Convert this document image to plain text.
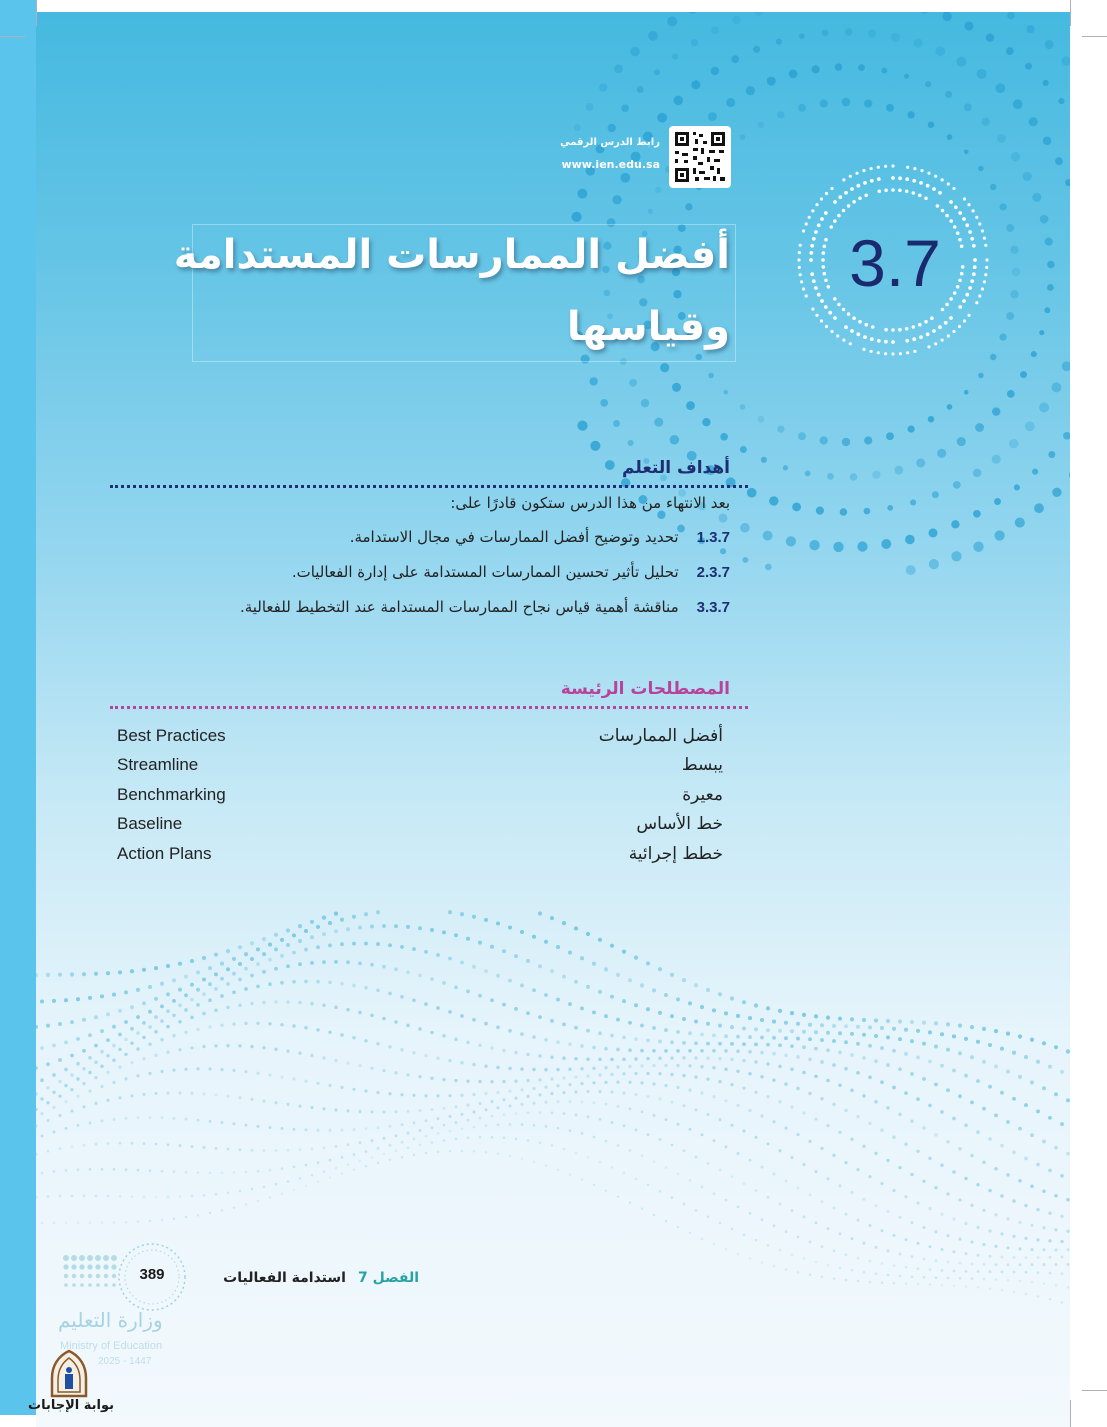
رابط الدرس الرقمي
www.ien.edu.sa
3.7
أفضل الممارسات المستدامة
وقياسها
أهداف التعلم
بعد الانتهاء من هذا الدرس ستكون قادرًا على:
1.3.7تحديد وتوضيح أفضل الممارسات في مجال الاستدامة.
2.3.7تحليل تأثير تحسين الممارسات المستدامة على إدارة الفعاليات.
3.3.7مناقشة أهمية قياس نجاح الممارسات المستدامة عند التخطيط للفعالية.
المصطلحات الرئيسة
Best Practices	أفضل الممارسات
Streamline	يبسط
Benchmarking	معيرة
Baseline	خط الأساس
Action Plans	خطط إجرائية
الفصل 7استدامة الفعاليات
389
وزارة التعليم
Ministry of Education
2025 - 1447
بوابة الإجابات
